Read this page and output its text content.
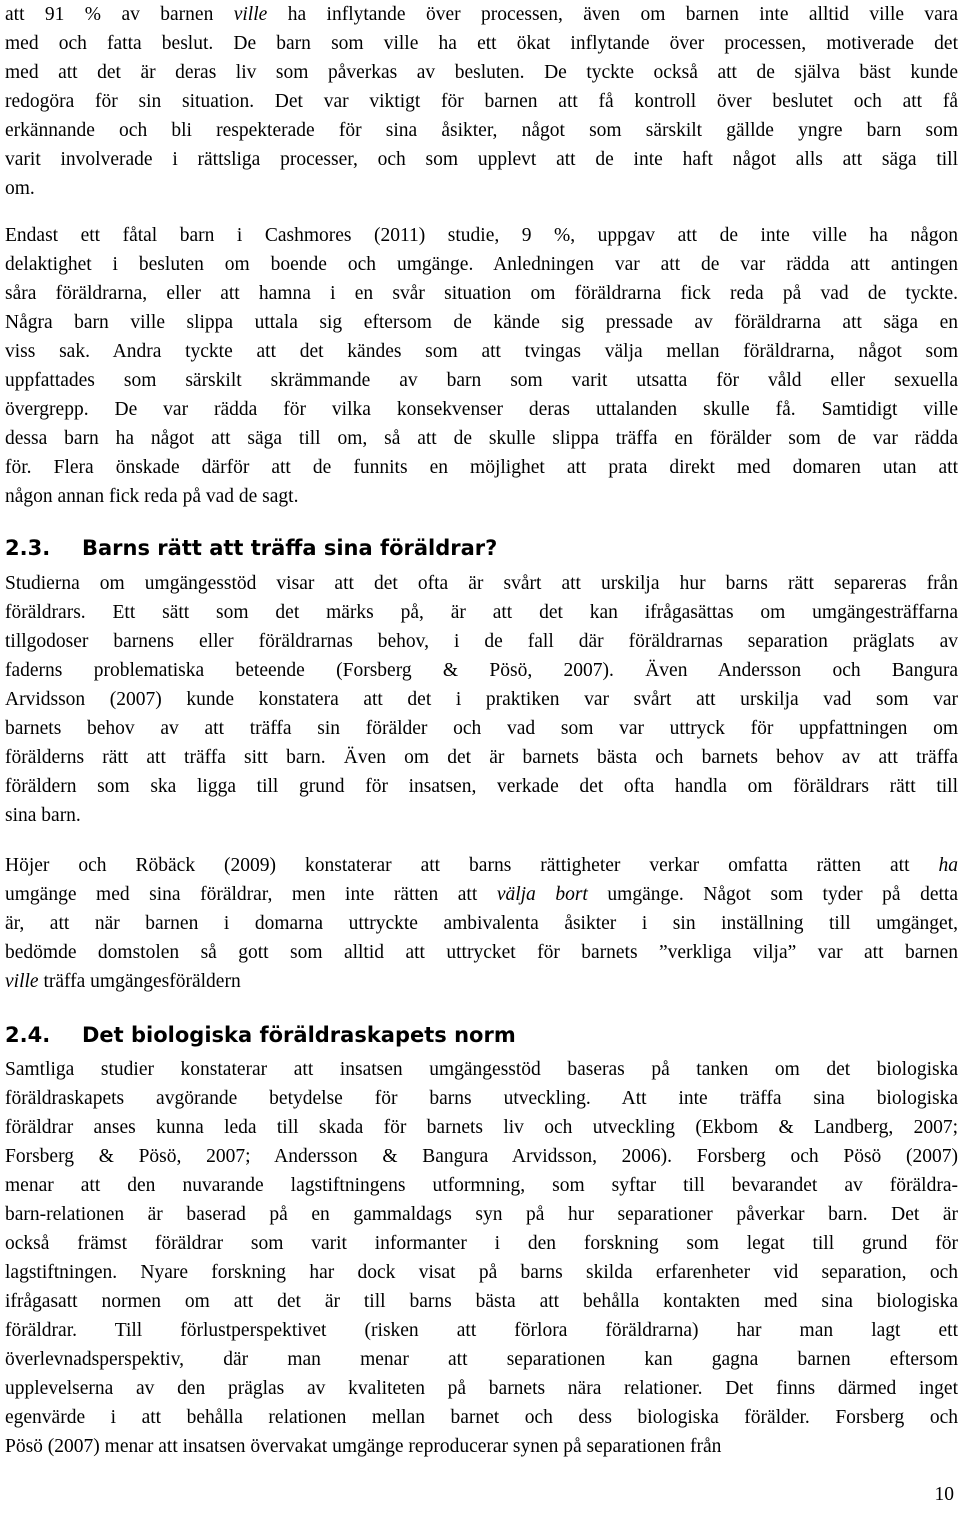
att 91 % av barnen ville ha inflytande över processen, även om barnen inte alltid ville vara
med och fatta beslut. De barn som ville ha ett ökat inflytande över processen, motiverade det
med att det är deras liv som påverkas av besluten. De tyckte också att de själva bäst kunde
redogöra för sin situation. Det var viktigt för barnen att få kontroll över beslutet och att få
erkännande och bli respekterade för sina åsikter, något som särskilt gällde yngre barn som
varit involverade i rättsliga processer, och som upplevt att de inte haft något alls att säga till
om.
Endast ett fåtal barn i Cashmores (2011) studie, 9 %, uppgav att de inte ville ha någon
delaktighet i besluten om boende och umgänge. Anledningen var att de var rädda att antingen
såra föräldrarna, eller att hamna i en svår situation om föräldrarna fick reda på vad de tyckte.
Några barn ville slippa uttala sig eftersom de kände sig pressade av föräldrarna att säga en
viss sak. Andra tyckte att det kändes som att tvingas välja mellan föräldrarna, något som
uppfattades som särskilt skrämmande av barn som varit utsatta för våld eller sexuella
övergrepp. De var rädda för vilka konsekvenser deras uttalanden skulle få. Samtidigt ville
dessa barn ha något att säga till om, så att de skulle slippa träffa en förälder som de var rädda
för. Flera önskade därför att de funnits en möjlighet att prata direkt med domaren utan att
någon annan fick reda på vad de sagt.
2.3. Barns rätt att träffa sina föräldrar?
Studierna om umgängesstöd visar att det ofta är svårt att urskilja hur barns rätt separeras från
föräldrars. Ett sätt som det märks på, är att det kan ifrågasättas om umgängesträffarna
tillgodoser barnens eller föräldrarnas behov, i de fall där föräldrarnas separation präglats av
faderns problematiska beteende (Forsberg & Pösö, 2007). Även Andersson och Bangura
Arvidsson (2007) kunde konstatera att det i praktiken var svårt att urskilja vad som var
barnets behov av att träffa sin förälder och vad som var uttryck för uppfattningen om
förälderns rätt att träffa sitt barn. Även om det är barnets bästa och barnets behov av att träffa
föräldern som ska ligga till grund för insatsen, verkade det ofta handla om föräldrars rätt till
sina barn.
Höjer och Röbäck (2009) konstaterar att barns rättigheter verkar omfatta rätten att ha
umgänge med sina föräldrar, men inte rätten att välja bort umgänge. Något som tyder på detta
är, att när barnen i domarna uttryckte ambivalenta åsikter i sin inställning till umgänget,
bedömde domstolen så gott som alltid att uttrycket för barnets ”verkliga vilja” var att barnen
ville träffa umgängesföräldern
2.4. Det biologiska föräldraskapets norm
Samtliga studier konstaterar att insatsen umgängesstöd baseras på tanken om det biologiska
föräldraskapets avgörande betydelse för barns utveckling. Att inte träffa sina biologiska
föräldrar anses kunna leda till skada för barnets liv och utveckling (Ekbom & Landberg, 2007;
Forsberg & Pösö, 2007; Andersson & Bangura Arvidsson, 2006). Forsberg och Pösö (2007)
menar att den nuvarande lagstiftningens utformning, som syftar till bevarandet av föräldra-
barn-relationen är baserad på en gammaldags syn på hur separationer påverkar barn. Det är
också främst föräldrar som varit informanter i den forskning som legat till grund för
lagstiftningen. Nyare forskning har dock visat på barns skilda erfarenheter vid separation, och
ifrågasatt normen om att det är till barns bästa att behålla kontakten med sina biologiska
föräldrar. Till förlustperspektivet (risken att förlora föräldrarna) har man lagt ett
överlevnadsperspektiv, där man menar att separationen kan gagna barnen eftersom
upplevelserna av den präglas av kvaliteten på barnets nära relationer. Det finns därmed inget
egenvärde i att behålla relationen mellan barnet och dess biologiska förälder. Forsberg och
Pösö (2007) menar att insatsen övervakat umgänge reproducerar synen på separationen från
10
